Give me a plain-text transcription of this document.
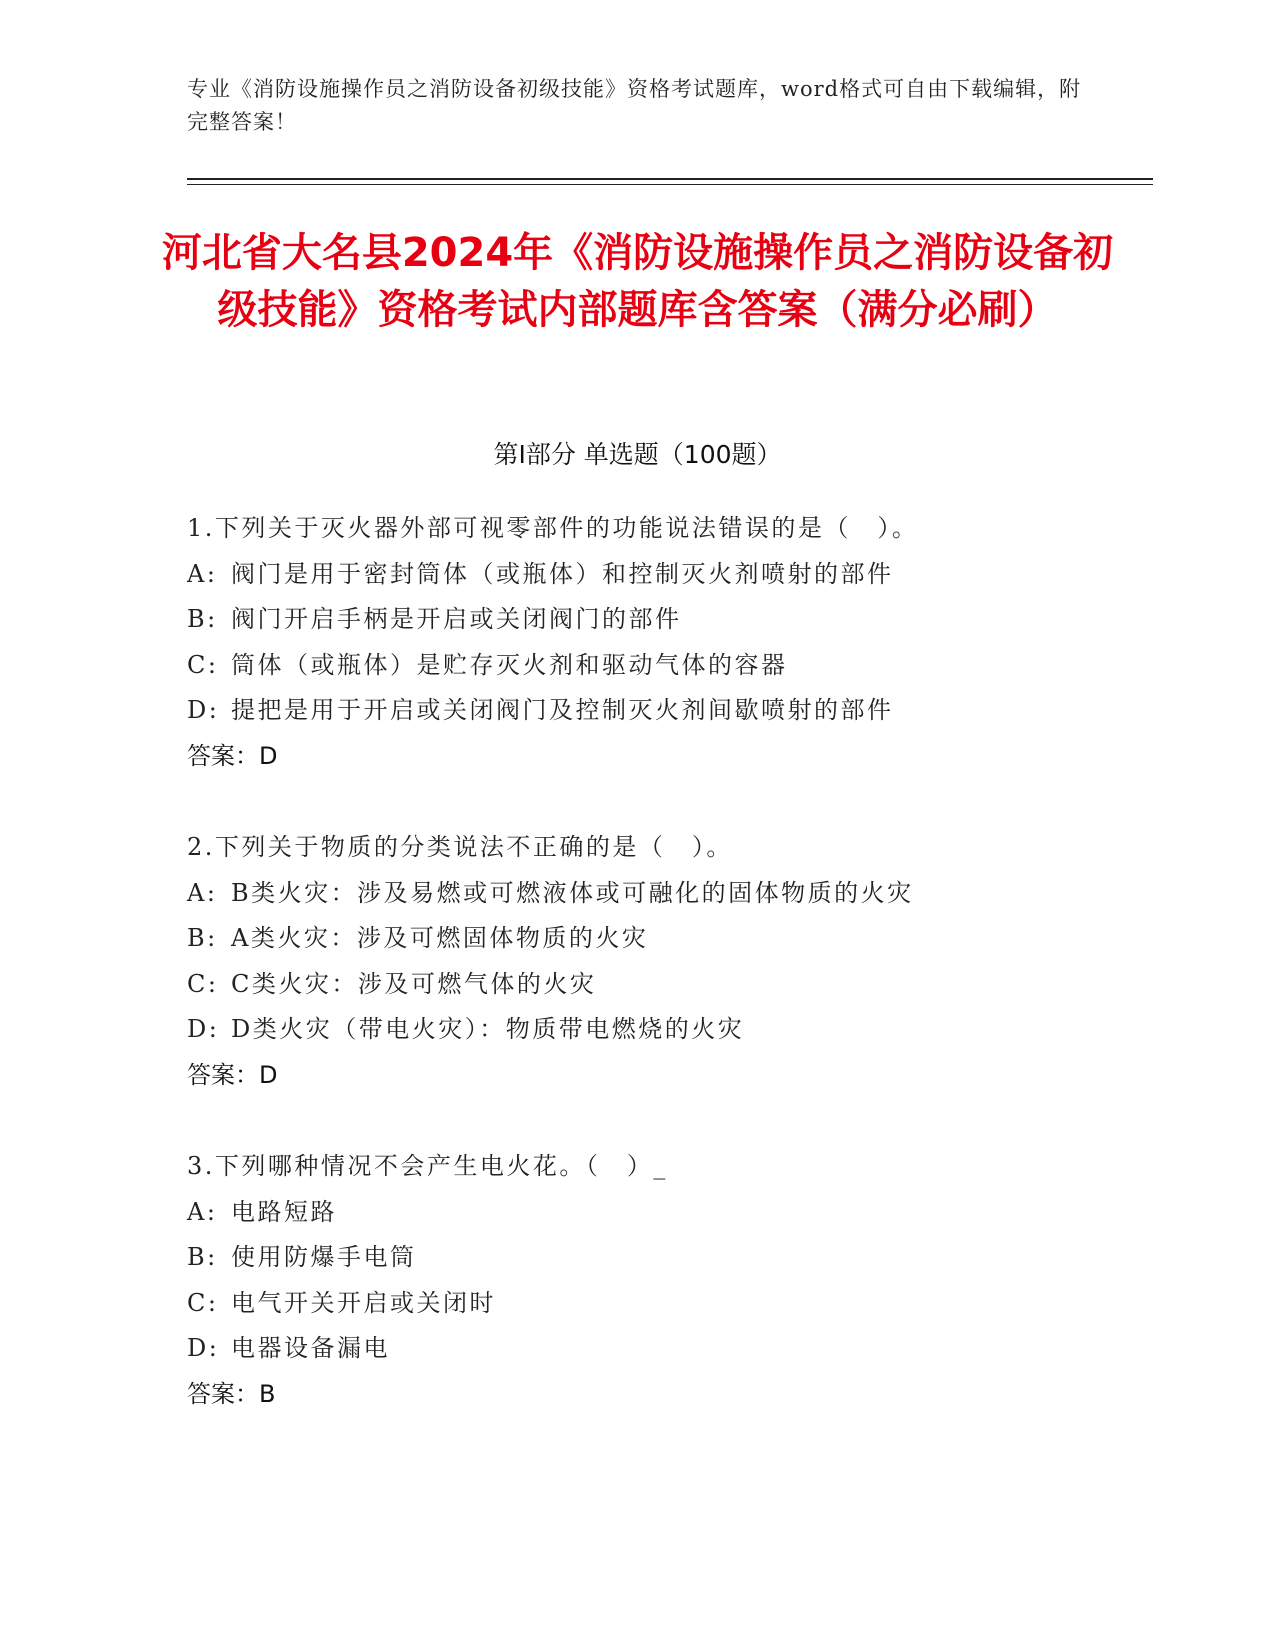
专业《消防设施操作员之消防设备初级技能》资格考试题库，word格式可自由下载编辑，附完整答案！
河北省大名县2024年《消防设施操作员之消防设备初级技能》资格考试内部题库含答案（满分必刷）
第Ⅰ部分 单选题（100题）
1.下列关于灭火器外部可视零部件的功能说法错误的是（　）。
A: 阀门是用于密封筒体（或瓶体）和控制灭火剂喷射的部件
B: 阀门开启手柄是开启或关闭阀门的部件
C: 筒体（或瓶体）是贮存灭火剂和驱动气体的容器
D: 提把是用于开启或关闭阀门及控制灭火剂间歇喷射的部件
答案：D
2.下列关于物质的分类说法不正确的是（　）。
A: B类火灾：涉及易燃或可燃液体或可融化的固体物质的火灾
B: A类火灾：涉及可燃固体物质的火灾
C: C类火灾：涉及可燃气体的火灾
D: D类火灾（带电火灾）：物质带电燃烧的火灾
答案：D
3.下列哪种情况不会产生电火花。（　）_
A: 电路短路
B: 使用防爆手电筒
C: 电气开关开启或关闭时
D: 电器设备漏电
答案：B
